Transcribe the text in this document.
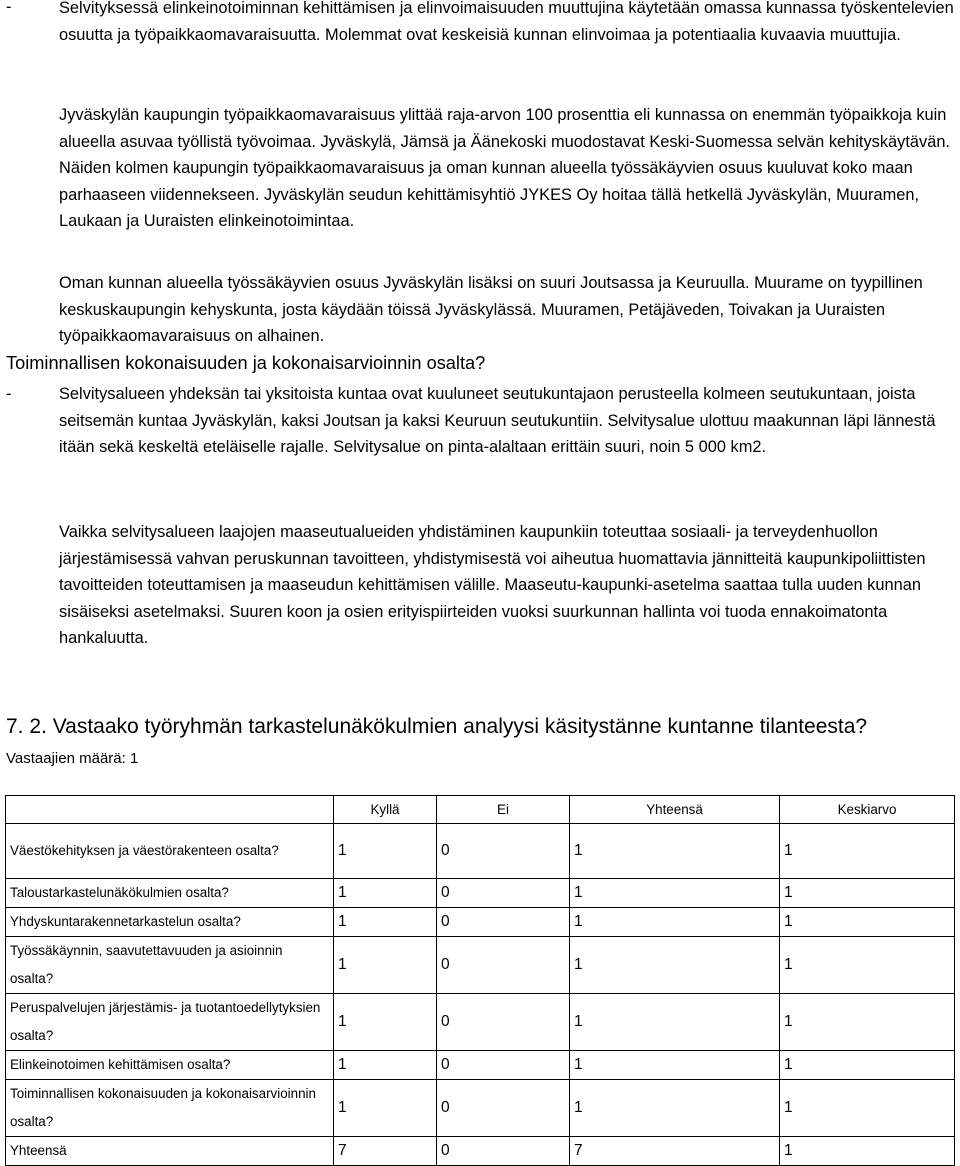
-	Selvityksessä elinkeinotoiminnan kehittämisen ja elinvoimaisuuden muuttujina käytetään omassa kunnassa työskentelevien osuutta ja työpaikkaomavaraisuutta. Molemmat ovat keskeisiä kunnan elinvoimaa ja potentiaalia kuvaavia muuttujia.
Jyväskylän kaupungin työpaikkaomavaraisuus ylittää raja-arvon 100 prosenttia eli kunnassa on enemmän työpaikkoja kuin alueella asuvaa työllistä työvoimaa. Jyväskylä, Jämsä ja Äänekoski muodostavat Keski-Suomessa selvän kehityskäytävän. Näiden kolmen kaupungin työpaikkaomavaraisuus ja oman kunnan alueella työssäkäyvien osuus kuuluvat koko maan parhaaseen viidennekseen. Jyväskylän seudun kehittämisyhtiö JYKES Oy hoitaa tällä hetkellä Jyväskylän, Muuramen, Laukaan ja Uuraisten elinkeinotoimintaa.
Oman kunnan alueella työssäkäyvien osuus Jyväskylän lisäksi on suuri Joutsassa ja Keuruulla. Muurame on tyypillinen keskuskaupungin kehyskunta, josta käydään töissä Jyväskylässä. Muuramen, Petäjäveden, Toivakan ja Uuraisten työpaikkaomavaraisuus on alhainen.
Toiminnallisen kokonaisuuden ja kokonaisarvioinnin osalta?
-	Selvitysalueen yhdeksän tai yksitoista kuntaa ovat kuuluneet seutukuntajaon perusteella kolmeen seutukuntaan, joista seitsemän kuntaa Jyväskylän, kaksi Joutsan ja kaksi Keuruun seutukuntiin. Selvitysalue ulottuu maakunnan läpi lännestä itään sekä keskeltä eteläiselle rajalle. Selvitysalue on pinta-alaltaan erittäin suuri, noin 5 000 km2.
Vaikka selvitysalueen laajojen maaseutualueiden yhdistäminen kaupunkiin toteuttaa sosiaali- ja terveydenhuollon järjestämisessä vahvan peruskunnan tavoitteen, yhdistymisestä voi aiheutua huomattavia jännitteitä kaupunkipoliittisten tavoitteiden toteuttamisen ja maaseudun kehittämisen välille. Maaseutu-kaupunki-asetelma saattaa tulla uuden kunnan sisäiseksi asetelmaksi. Suuren koon ja osien erityispiirteiden vuoksi suurkunnan hallinta voi tuoda ennakoimatonta hankaluutta.
7. 2. Vastaako työryhmän tarkastelunäkökulmien analyysi käsitystänne kuntanne tilanteesta?
Vastaajien määrä: 1
	Kyllä	Ei	Yhteensä	Keskiarvo
Väestökehityksen ja väestörakenteen osalta?	1	0	1	1
Taloustarkastelunäkökulmien osalta?	1	0	1	1
Yhdyskuntarakennetarkastelun osalta?	1	0	1	1
Työssäkäynnin, saavutettavuuden ja asioinnin osalta?	1	0	1	1
Peruspalvelujen järjestämis- ja tuotantoedellytyksien osalta?	1	0	1	1
Elinkeinotoimen kehittämisen osalta?	1	0	1	1
Toiminnallisen kokonaisuuden ja kokonaisarvioinnin osalta?	1	0	1	1
Yhteensä	7	0	7	1
